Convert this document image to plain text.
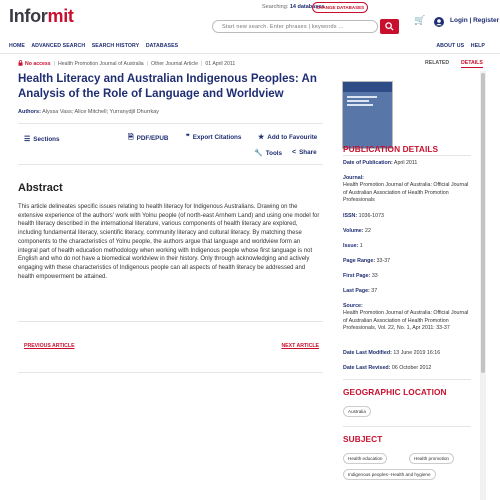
Informit	Searching: 14 databases
CHANGE DATABASES
Start new search. Enter phrases | keywords ...
🛒	Login | Register
HOME ADVANCED SEARCH SEARCH HISTORY DATABASES	ABOUT US HELP
No access | Health Promotion Journal of Australia | Other Journal Article | 01 April 2011
Health Literacy and Australian Indigenous Peoples: An Analysis of the Role of Language and Worldview
Authors: Alyssa Vass; Alice Mitchell; Yurranydjil Dhurrkay
☰ Sections	🗎 PDF/EPUB	❞ Export Citations ★ Add to Favourite
🔧 Tools < Share
Abstract
This article delineates specific issues relating to health literacy for Indigenous Australians. Drawing on the extensive experience of the authors' work with Yolnu people (of north-east Arnhem Land) and using one model for health literacy described in the international literature, various components of health literacy are explored, including fundamental literacy, scientific literacy, community literacy and cultural literacy. By matching these components to the characteristics of Yolnu people, the authors argue that language and worldview form an integral part of health education methodology when working with Indigenous people whose first language is not English and who do not have a biomedical worldview in their history. Only through acknowledging and actively engaging with these characteristics of Indigenous people can all aspects of health literacy be addressed and health empowerment be attained.
PREVIOUS ARTICLE	NEXT ARTICLE
RELATED DETAILS
PUBLICATION DETAILS
Date of Publication: April 2011
Journal:
Health Promotion Journal of Australia: Official Journal of Australian Association of Health Promotion Professionals
ISSN: 1036-1073
Volume: 22
Issue: 1
Page Range: 33-37
First Page: 33
Last Page: 37
Source:
Health Promotion Journal of Australia: Official Journal of Australian Association of Health Promotion Professionals, Vol. 22, No. 1, Apr 2011: 33-37
Date Last Modified: 13 June 2019 16:16
Date Last Revised: 06 October 2012
GEOGRAPHIC LOCATION
Australia
SUBJECT
Health education	Health promotion
Indigenous peoples--Health and hygiene
